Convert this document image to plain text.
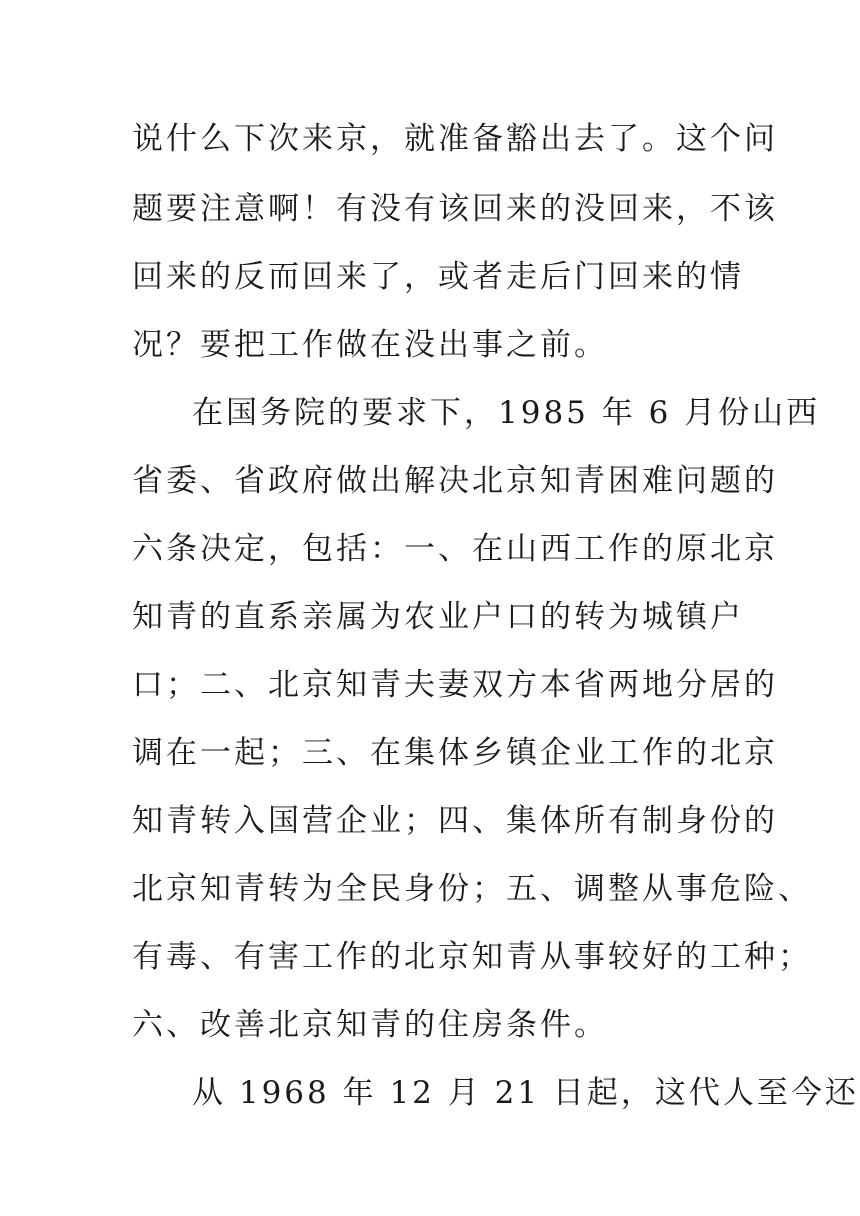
说什么下次来京，就准备豁出去了。这个问
题要注意啊！有没有该回来的没回来，不该
回来的反而回来了，或者走后门回来的情
况？要把工作做在没出事之前。
在国务院的要求下，1985 年 6 月份山西
省委、省政府做出解决北京知青困难问题的
六条决定，包括：一、在山西工作的原北京
知青的直系亲属为农业户口的转为城镇户
口；二、北京知青夫妻双方本省两地分居的
调在一起；三、在集体乡镇企业工作的北京
知青转入国营企业；四、集体所有制身份的
北京知青转为全民身份；五、调整从事危险、
有毒、有害工作的北京知青从事较好的工种；
六、改善北京知青的住房条件。
从 1968 年 12 月 21 日起，这代人至今还
